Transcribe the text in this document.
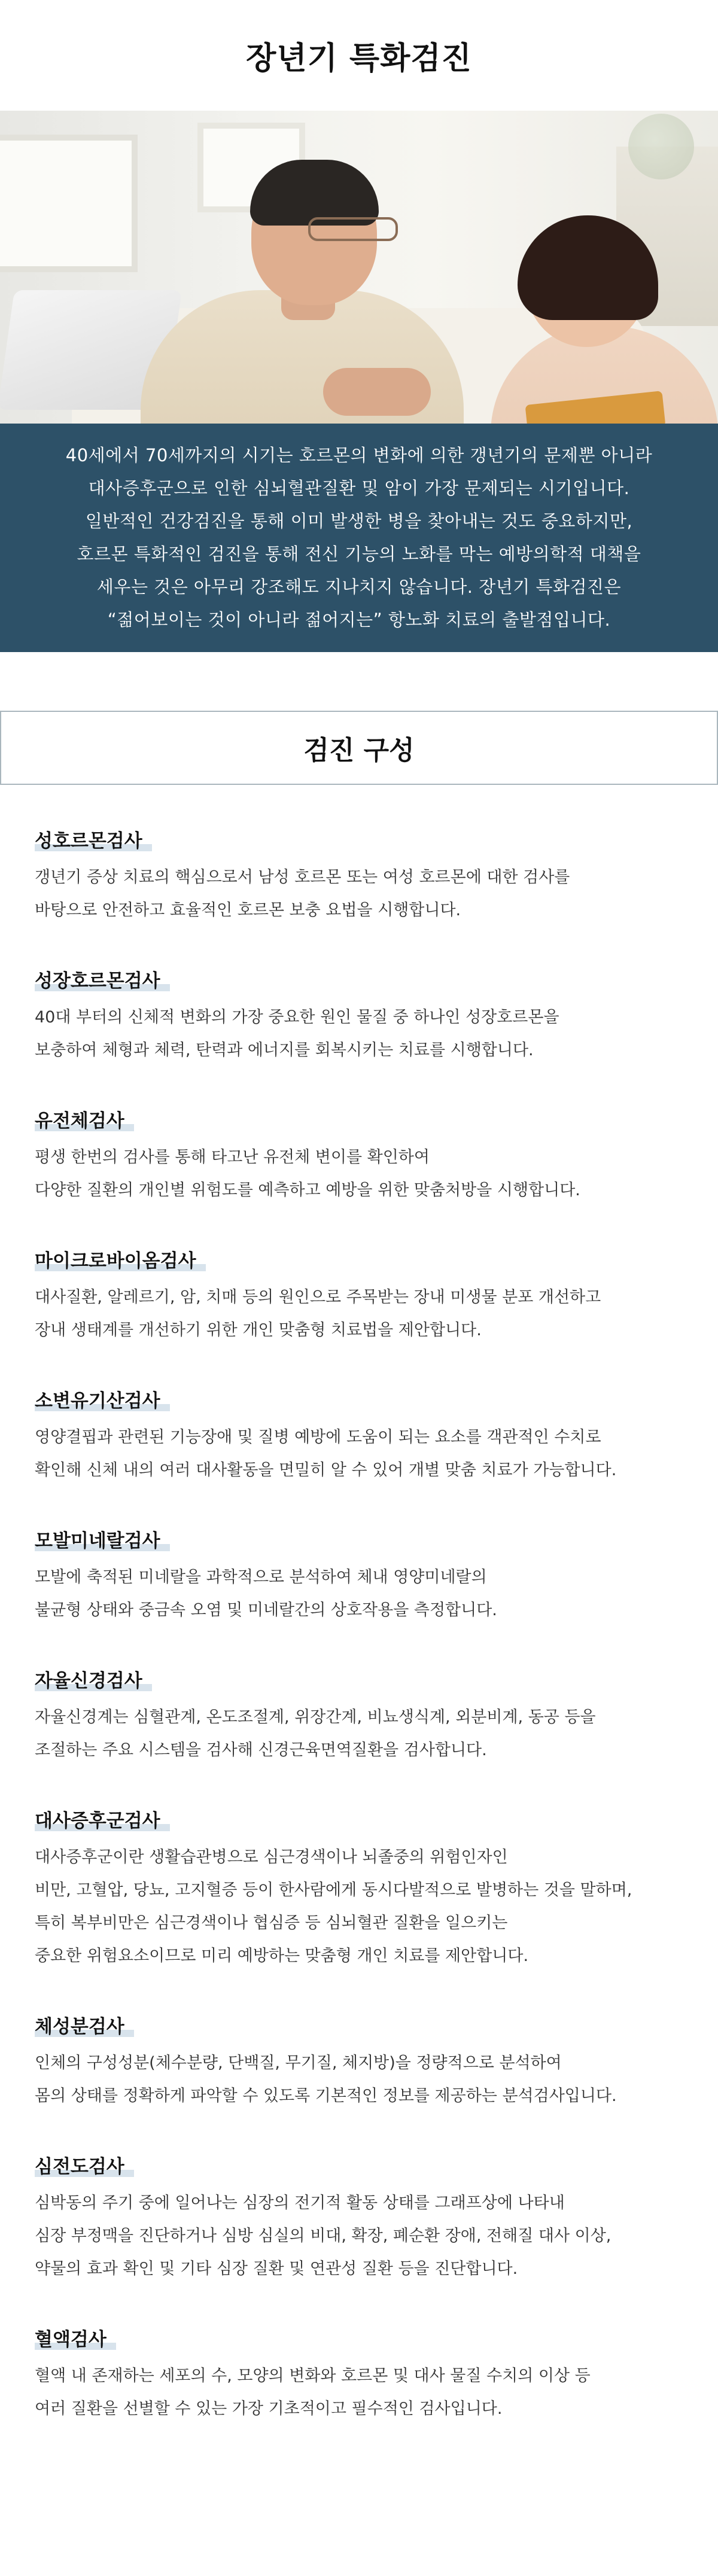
장년기 특화검진
40세에서 70세까지의 시기는 호르몬의 변화에 의한 갱년기의 문제뿐 아니라
대사증후군으로 인한 심뇌혈관질환 및 암이 가장 문제되는 시기입니다.
일반적인 건강검진을 통해 이미 발생한 병을 찾아내는 것도 중요하지만,
호르몬 특화적인 검진을 통해 전신 기능의 노화를 막는 예방의학적 대책을
세우는 것은 아무리 강조해도 지나치지 않습니다. 장년기 특화검진은
“젊어보이는 것이 아니라 젊어지는” 항노화 치료의 출발점입니다.
검진 구성
성호르몬검사
갱년기 증상 치료의 핵심으로서 남성 호르몬 또는 여성 호르몬에 대한 검사를
바탕으로 안전하고 효율적인 호르몬 보충 요법을 시행합니다.
성장호르몬검사
40대 부터의 신체적 변화의 가장 중요한 원인 물질 중 하나인 성장호르몬을
보충하여 체형과 체력, 탄력과 에너지를 회복시키는 치료를 시행합니다.
유전체검사
평생 한번의 검사를 통해 타고난 유전체 변이를 확인하여
다양한 질환의 개인별 위험도를 예측하고 예방을 위한 맞춤처방을 시행합니다.
마이크로바이옴검사
대사질환, 알레르기, 암, 치매 등의 원인으로 주목받는 장내 미생물 분포 개선하고
장내 생태계를 개선하기 위한 개인 맞춤형 치료법을 제안합니다.
소변유기산검사
영양결핍과 관련된 기능장애 및 질병 예방에 도움이 되는 요소를 객관적인 수치로
확인해 신체 내의 여러 대사활동을 면밀히 알 수 있어 개별 맞춤 치료가 가능합니다.
모발미네랄검사
모발에 축적된 미네랄을 과학적으로 분석하여 체내 영양미네랄의
불균형 상태와 중금속 오염 및 미네랄간의 상호작용을 측정합니다.
자율신경검사
자율신경계는 심혈관계, 온도조절계, 위장간계, 비뇨생식계, 외분비계, 동공 등을
조절하는 주요 시스템을 검사해 신경근육면역질환을 검사합니다.
대사증후군검사
대사증후군이란 생활습관병으로 심근경색이나 뇌졸중의 위험인자인
비만, 고혈압, 당뇨, 고지혈증 등이 한사람에게 동시다발적으로 발병하는 것을 말하며,
특히 복부비만은 심근경색이나 협심증 등 심뇌혈관 질환을 일으키는
중요한 위험요소이므로 미리 예방하는 맞춤형 개인 치료를 제안합니다.
체성분검사
인체의 구성성분(체수분량, 단백질, 무기질, 체지방)을 정량적으로 분석하여
몸의 상태를 정확하게 파악할 수 있도록 기본적인 정보를 제공하는 분석검사입니다.
심전도검사
심박동의 주기 중에 일어나는 심장의 전기적 활동 상태를 그래프상에 나타내
심장 부정맥을 진단하거나 심방 심실의 비대, 확장, 폐순환 장애, 전해질 대사 이상,
약물의 효과 확인 및 기타 심장 질환 및 연관성 질환 등을 진단합니다.
혈액검사
혈액 내 존재하는 세포의 수, 모양의 변화와 호르몬 및 대사 물질 수치의 이상 등
여러 질환을 선별할 수 있는 가장 기초적이고 필수적인 검사입니다.
